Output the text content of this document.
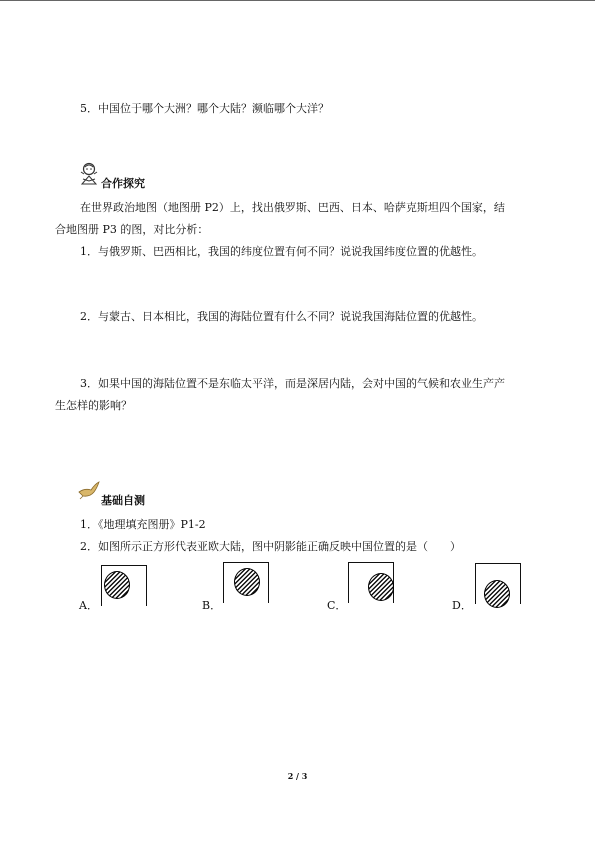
5．中国位于哪个大洲？哪个大陆？濒临哪个大洋？
合作探究
在世界政治地图（地图册 P2）上，找出俄罗斯、巴西、日本、哈萨克斯坦四个国家，结
合地图册 P3 的图，对比分析：
1．与俄罗斯、巴西相比，我国的纬度位置有何不同？说说我国纬度位置的优越性。
2．与蒙古、日本相比，我国的海陆位置有什么不同？说说我国海陆位置的优越性。
3．如果中国的海陆位置不是东临太平洋，而是深居内陆，会对中国的气候和农业生产产
生怎样的影响？
基础自测
1．《地理填充图册》P1-2
2．如图所示正方形代表亚欧大陆，图中阴影能正确反映中国位置的是（　　）
A．	B．	C．	D．
2 / 3
